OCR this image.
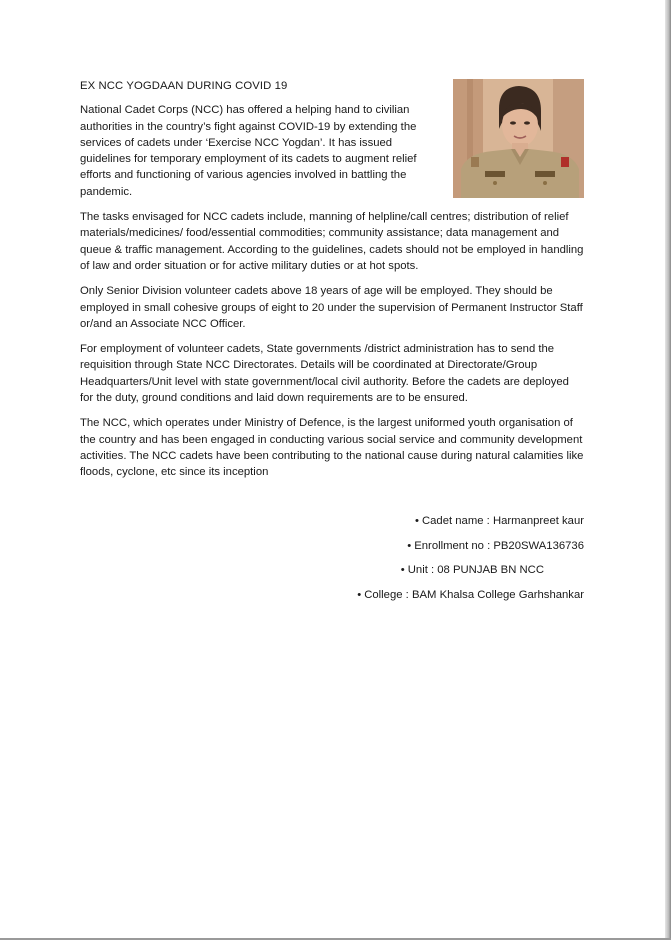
EX NCC YOGDAAN DURING COVID 19

National Cadet Corps (NCC) has offered a helping hand to civilian authorities in the country’s fight against COVID-19 by extending the services of cadets under ‘Exercise NCC Yogdan’. It has issued guidelines for temporary employment of its cadets to augment relief efforts and functioning of various agencies involved in battling the pandemic.

The tasks envisaged for NCC cadets include, manning of helpline/call centres; distribution of relief materials/medicines/ food/essential commodities; community assistance; data management and queue & traffic management. According to the guidelines, cadets should not be employed in handling of law and order situation or for active military duties or at hot spots.

Only Senior Division volunteer cadets above 18 years of age will be employed. They should be employed in small cohesive groups of eight to 20 under the supervision of Permanent Instructor Staff or/and an Associate NCC Officer.

For employment of volunteer cadets, State governments /district administration has to send the requisition through State NCC Directorates. Details will be coordinated at Directorate/Group Headquarters/Unit level with state government/local civil authority. Before the cadets are deployed for the duty, ground conditions and laid down requirements are to be ensured.

The NCC, which operates under Ministry of Defence, is the largest uniformed youth organisation of the country and has been engaged in conducting various social service and community development activities. The NCC cadets have been contributing to the national cause during natural calamities like floods, cyclone, etc since its inception

• Cadet name : Harmanpreet kaur

• Enrollment no : PB20SWA136736

• Unit : 08 PUNJAB BN NCC

• College : BAM Khalsa College Garhshankar
